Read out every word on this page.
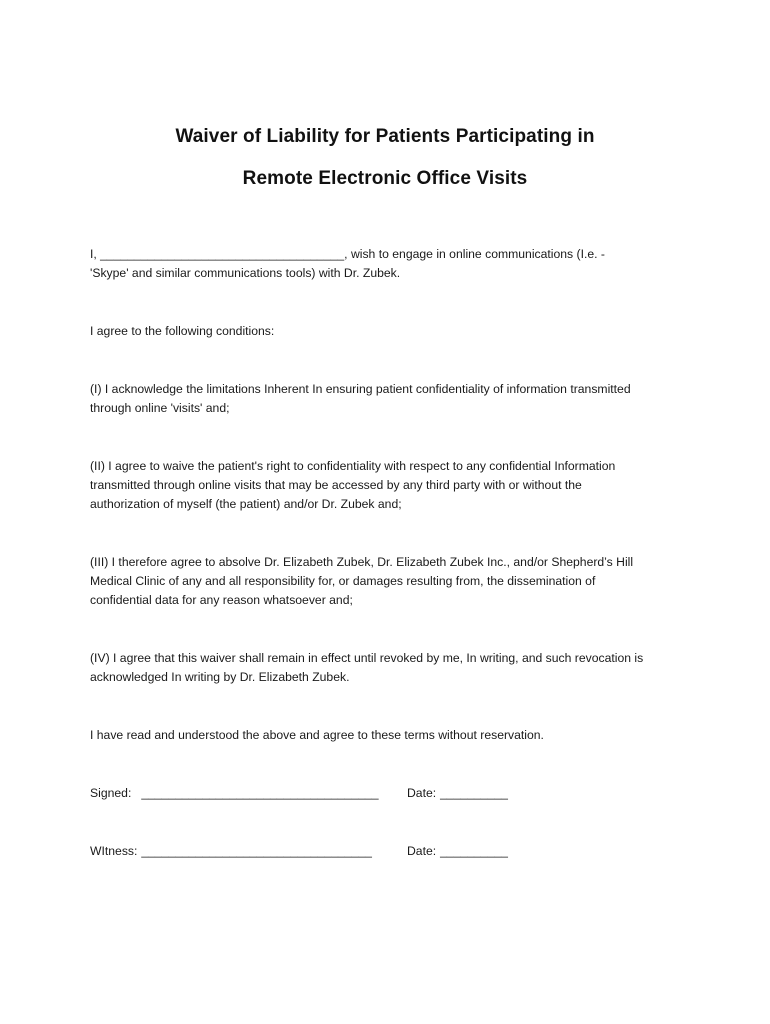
Waiver of Liability for Patients Participating in
Remote Electronic Office Visits
I, ____________________________________, wish to engage in online communications (I.e. -
'Skype' and similar communications tools) with Dr. Zubek.
I agree to the following conditions:
(I) I acknowledge the limitations Inherent In ensuring patient confidentiality of information transmitted
through online 'visits' and;
(II) I agree to waive the patient's right to confidentiality with respect to any confidential Information
transmitted through online visits that may be accessed by any third party with or without the
authorization of myself (the patient) and/or Dr. Zubek and;
(III) I therefore agree to absolve Dr. Elizabeth Zubek, Dr. Elizabeth Zubek Inc., and/or Shepherd’s Hill
Medical Clinic of any and all responsibility for, or damages resulting from, the dissemination of
confidential data for any reason whatsoever and;
(IV) I agree that this waiver shall remain in effect until revoked by me, In writing, and such revocation is
acknowledged In writing by Dr. Elizabeth Zubek.
I have read and understood the above and agree to these terms without reservation.
Signed: ___________________________________ Date: __________
WItness: __________________________________	Date: __________
